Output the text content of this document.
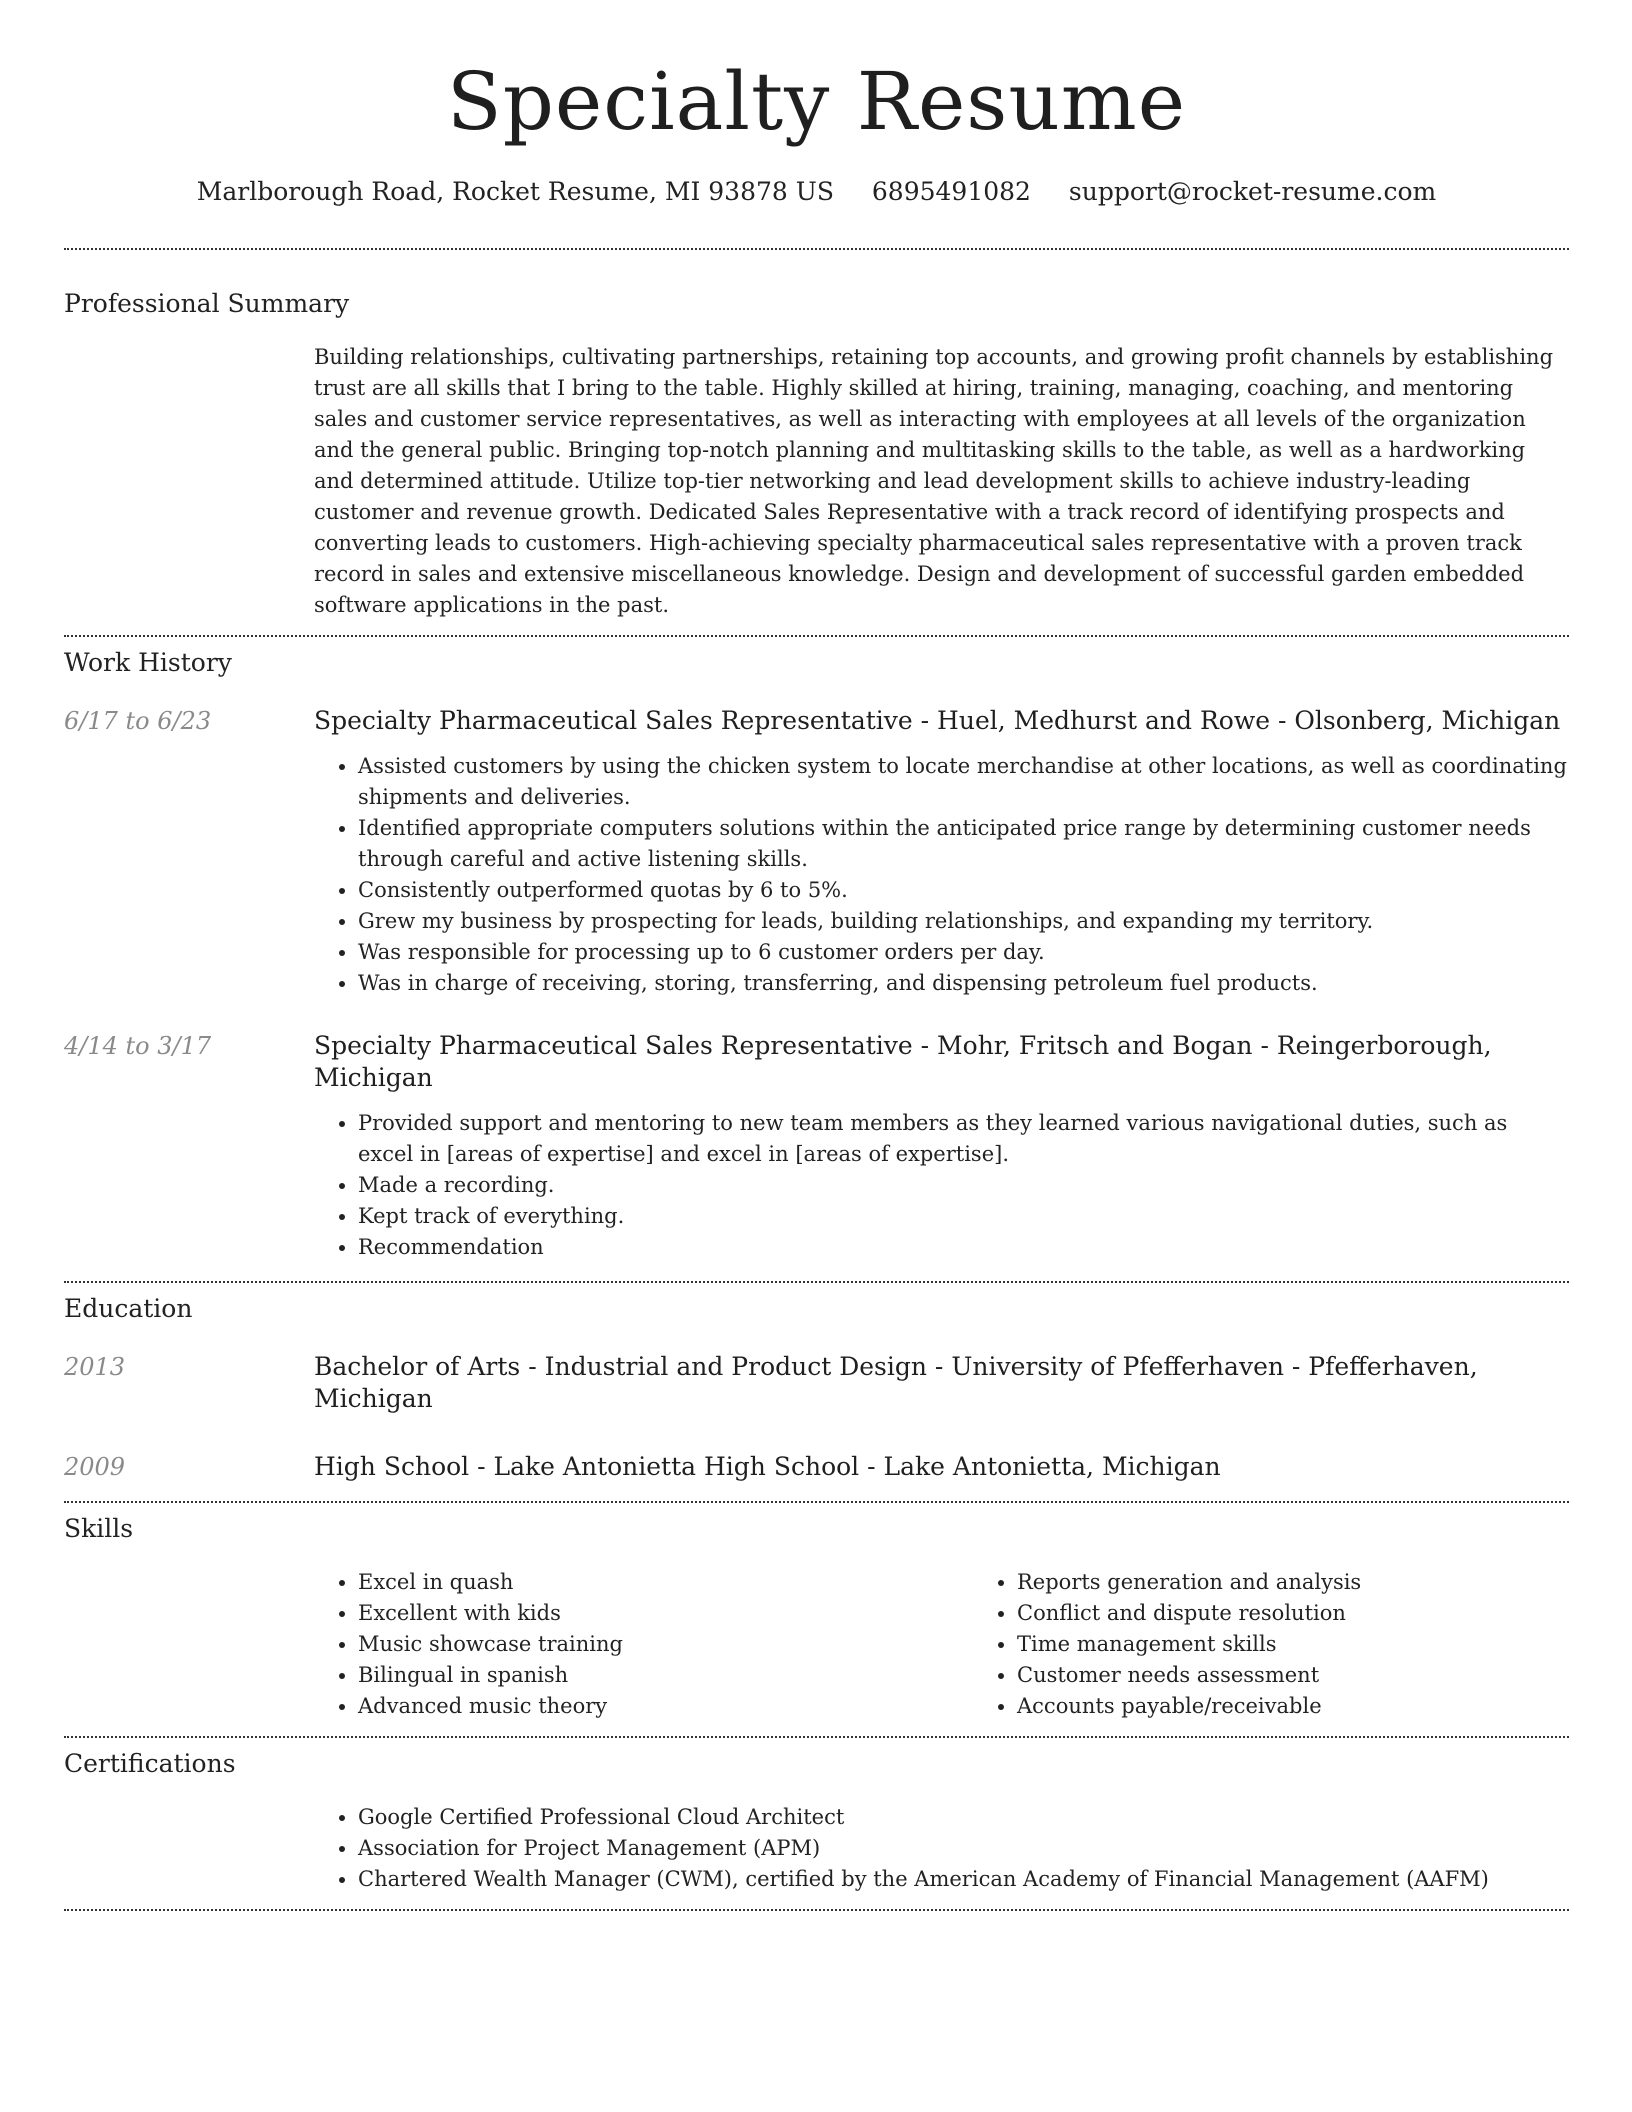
Specialty Resume
Marlborough Road, Rocket Resume, MI 93878 US 6895491082 support@rocket-resume.com
Professional Summary

Building relationships, cultivating partnerships, retaining top accounts, and growing profit channels by establishing trust are all skills that I bring to the table. Highly skilled at hiring, training, managing, coaching, and mentoring sales and customer service representatives, as well as interacting with employees at all levels of the organization and the general public. Bringing top-notch planning and multitasking skills to the table, as well as a hardworking and determined attitude. Utilize top-tier networking and lead development skills to achieve industry-leading customer and revenue growth. Dedicated Sales Representative with a track record of identifying prospects and converting leads to customers. High-achieving specialty pharmaceutical sales representative with a proven track record in sales and extensive miscellaneous knowledge. Design and development of successful garden embedded software applications in the past.

Work History
6/17 to 6/23	Specialty Pharmaceutical Sales Representative - Huel, Medhurst and Rowe - Olsonberg, Michigan
• Assisted customers by using the chicken system to locate merchandise at other locations, as well as coordinating shipments and deliveries.
• Identified appropriate computers solutions within the anticipated price range by determining customer needs through careful and active listening skills.
• Consistently outperformed quotas by 6 to 5%.
• Grew my business by prospecting for leads, building relationships, and expanding my territory.
• Was responsible for processing up to 6 customer orders per day.
• Was in charge of receiving, storing, transferring, and dispensing petroleum fuel products.
4/14 to 3/17	Specialty Pharmaceutical Sales Representative - Mohr, Fritsch and Bogan - Reingerborough, Michigan
• Provided support and mentoring to new team members as they learned various navigational duties, such as excel in [areas of expertise] and excel in [areas of expertise].
• Made a recording.
• Kept track of everything.
• Recommendation
Education
2013	Bachelor of Arts - Industrial and Product Design - University of Pfefferhaven - Pfefferhaven, Michigan
2009	High School - Lake Antonietta High School - Lake Antonietta, Michigan
Skills
• Excel in quash
• Excellent with kids
• Music showcase training
• Bilingual in spanish
• Advanced music theory
• Reports generation and analysis
• Conflict and dispute resolution
• Time management skills
• Customer needs assessment
• Accounts payable/receivable
Certifications
• Google Certified Professional Cloud Architect
• Association for Project Management (APM)
• Chartered Wealth Manager (CWM), certified by the American Academy of Financial Management (AAFM)
